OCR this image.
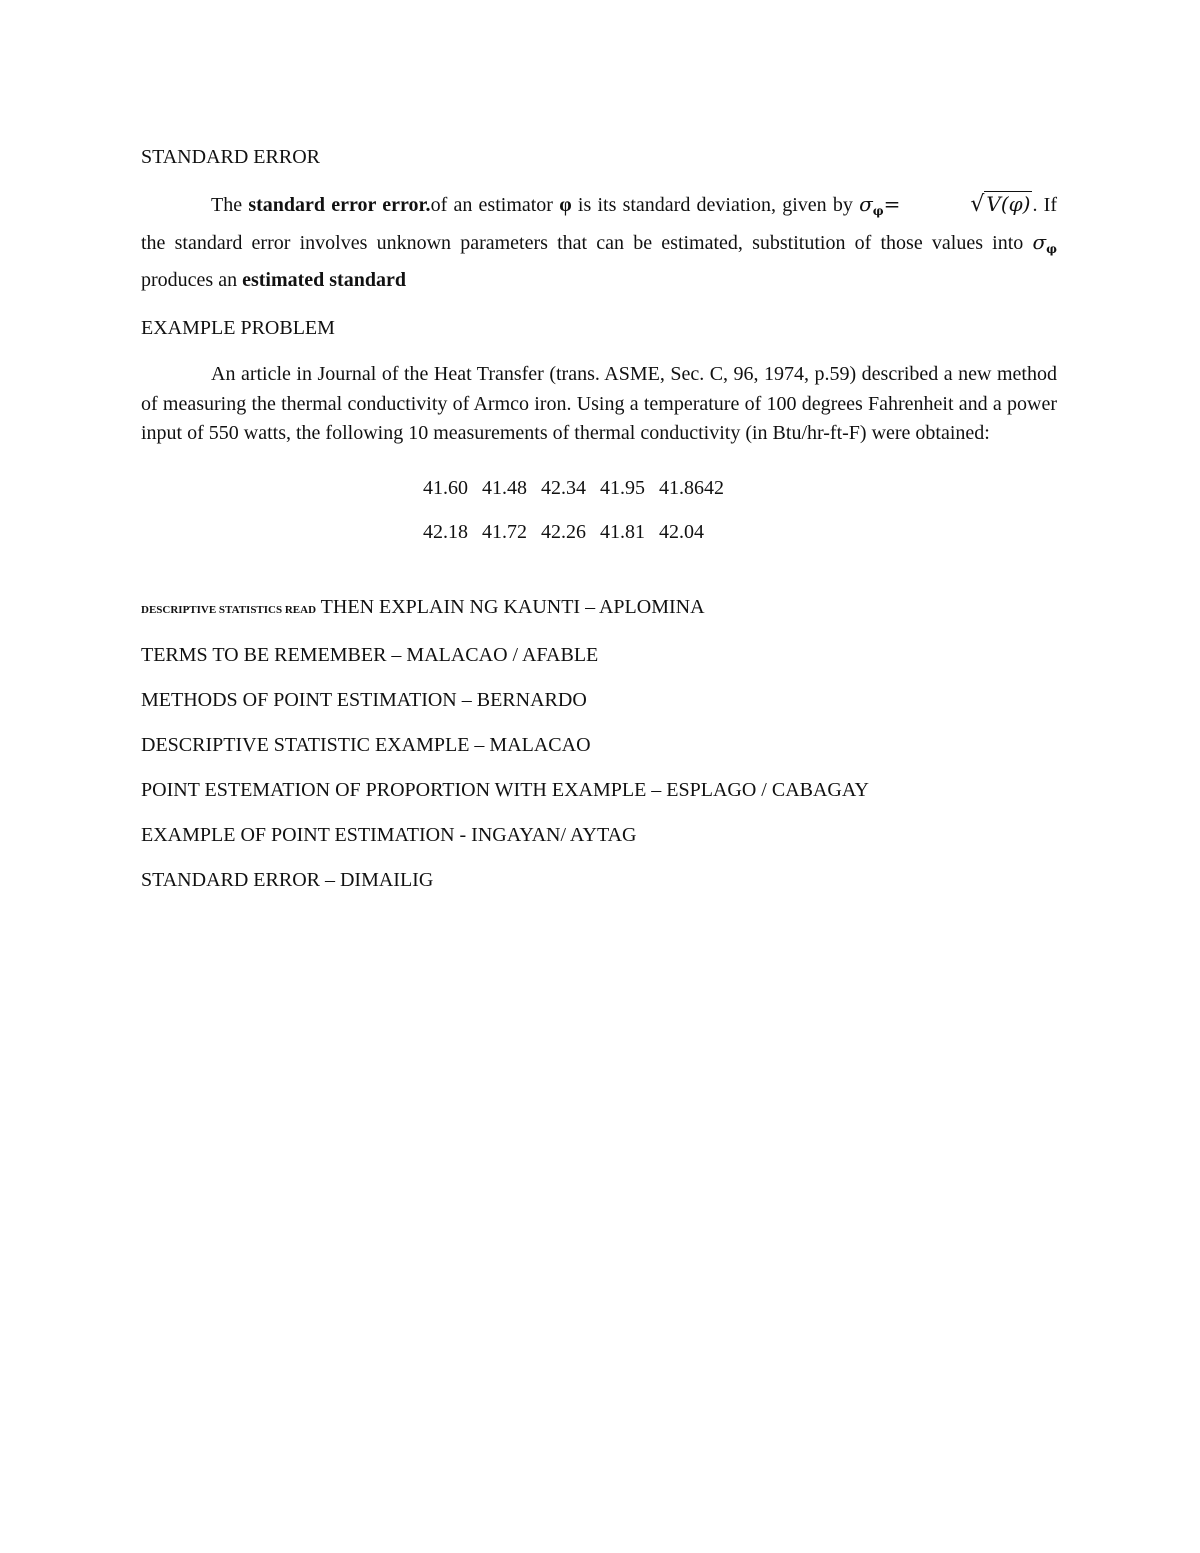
STANDARD ERROR

The standard error error.of an estimator φ is its standard deviation, given by $\sigma_\varphi=$	√ V(φ) . If the standard error involves unknown parameters that can be estimated, substitution of those values into $\sigma_\varphi$ produces an estimated standard

EXAMPLE PROBLEM

An article in Journal of the Heat Transfer (trans. ASME, Sec. C, 96, 1974, p.59) described a new method of measuring the thermal conductivity of Armco iron. Using a temperature of 100 degrees Fahrenheit and a power input of 550 watts, the following 10 measurements of thermal conductivity (in Btu/hr-ft-F) were obtained:

41.60	41.48	42.34	41.95	41.8642
42.18	41.72	42.26	41.81	42.04

DESCRIPTIVE STATISTICS READ THEN EXPLAIN NG KAUNTI – APLOMINA

TERMS TO BE REMEMBER – MALACAO / AFABLE

METHODS OF POINT ESTIMATION – BERNARDO

DESCRIPTIVE STATISTIC EXAMPLE – MALACAO

POINT ESTEMATION OF PROPORTION WITH EXAMPLE – ESPLAGO / CABAGAY

EXAMPLE OF POINT ESTIMATION - INGAYAN/ AYTAG

STANDARD ERROR – DIMAILIG
